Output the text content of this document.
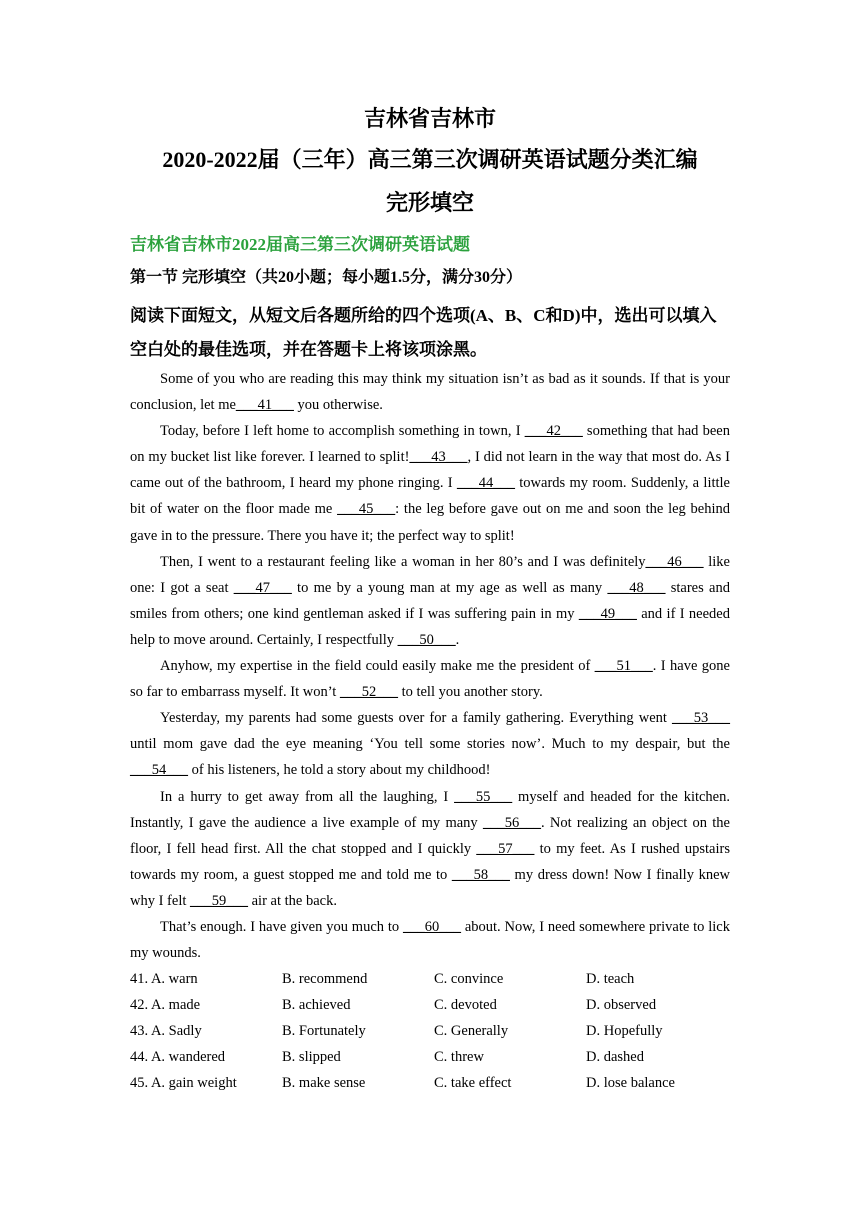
吉林省吉林市
2020-2022届（三年）高三第三次调研英语试题分类汇编
完形填空
吉林省吉林市2022届高三第三次调研英语试题
第一节 完形填空（共20小题；每小题1.5分，满分30分）
阅读下面短文，从短文后各题所给的四个选项(A、B、C和D)中，选出可以填入空白处的最佳选项，并在答题卡上将该项涂黑。

Some of you who are reading this may think my situation isn’t as bad as it sounds. If that is your conclusion, let me___41___ you otherwise.

Today, before I left home to accomplish something in town, I ___42___ something that had been on my bucket list like forever. I learned to split!___43___, I did not learn in the way that most do. As I came out of the bathroom, I heard my phone ringing. I ___44___ towards my room. Suddenly, a little bit of water on the floor made me ___45___: the leg before gave out on me and soon the leg behind gave in to the pressure. There you have it; the perfect way to split!

Then, I went to a restaurant feeling like a woman in her 80’s and I was definitely___46___ like one: I got a seat ___47___ to me by a young man at my age as well as many ___48___ stares and smiles from others; one kind gentleman asked if I was suffering pain in my ___49___ and if I needed help to move around. Certainly, I respectfully ___50___.

Anyhow, my expertise in the field could easily make me the president of ___51___. I have gone so far to embarrass myself. It won’t ___52___ to tell you another story.

Yesterday, my parents had some guests over for a family gathering. Everything went ___53___ until mom gave dad the eye meaning ‘You tell some stories now’. Much to my despair, but the ___54___ of his listeners, he told a story about my childhood!

In a hurry to get away from all the laughing, I ___55___ myself and headed for the kitchen. Instantly, I gave the audience a live example of my many ___56___. Not realizing an object on the floor, I fell head first. All the chat stopped and I quickly ___57___ to my feet. As I rushed upstairs towards my room, a guest stopped me and told me to ___58___ my dress down! Now I finally knew why I felt ___59___ air at the back.

That’s enough. I have given you much to ___60___ about. Now, I need somewhere private to lick my wounds.

41. A. warn	B. recommend	C. convince	D. teach
42. A. made	B. achieved	C. devoted	D. observed
43. A. Sadly	B. Fortunately	C. Generally	D. Hopefully
44. A. wandered	B. slipped	C. threw	D. dashed
45. A. gain weight	B. make sense	C. take effect	D. lose balance
